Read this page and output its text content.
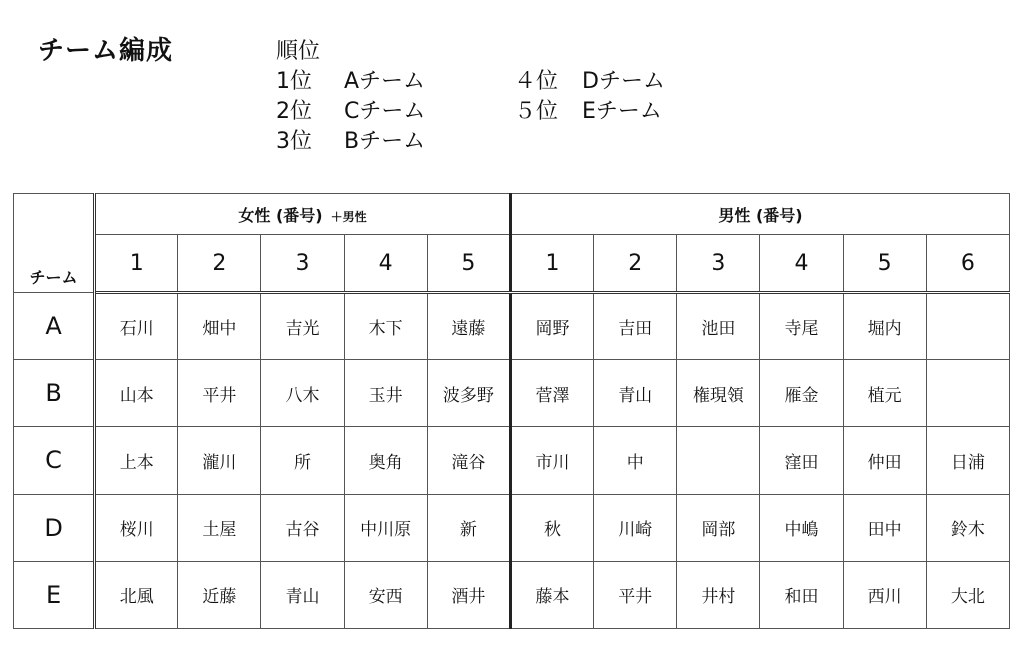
チーム編成	順位
1位 Aチーム
2位 Cチーム
3位 Bチーム
４位 Dチーム
５位 Eチーム
チーム	女性 (番号) ＋男性					男性 (番号)					
	1	2	3	4	5	1	2	3	4	5	6
A	石川	畑中	吉光	木下	遠藤	岡野	吉田	池田	寺尾	堀内	
B	山本	平井	八木	玉井	波多野	菅澤	青山	権現領	雁金	植元	
C	上本	瀧川	所	奥角	滝谷	市川	中		窪田	仲田	日浦
D	桜川	土屋	古谷	中川原	新	秋	川崎	岡部	中嶋	田中	鈴木
E	北風	近藤	青山	安西	酒井	藤本	平井	井村	和田	西川	大北
